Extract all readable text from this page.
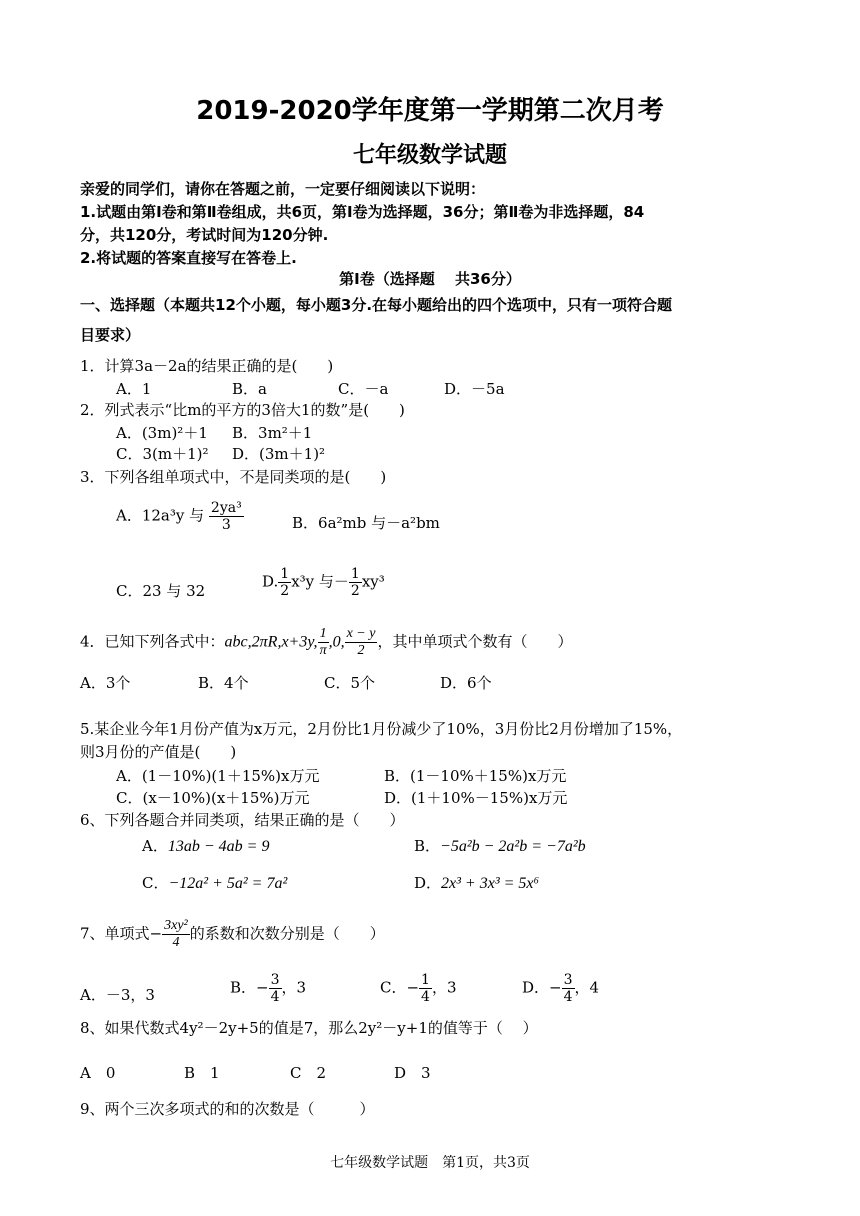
2019-2020学年度第一学期第二次月考
七年级数学试题
亲爱的同学们，请你在答题之前，一定要仔细阅读以下说明：
1.试题由第Ⅰ卷和第Ⅱ卷组成，共6页，第Ⅰ卷为选择题，36分；第Ⅱ卷为非选择题，84
分，共120分，考试时间为120分钟.
2.将试题的答案直接写在答卷上.
第Ⅰ卷（选择题　 共36分）
一、选择题（本题共12个小题，每小题3分.在每小题给出的四个选项中，只有一项符合题
目要求）
1．计算3a－2a的结果正确的是(　　)
A．1	B．a	C．－a	D．－5a
2．列式表示“比m的平方的3倍大1的数”是(　　)
A．(3m)²＋1 B．3m²＋1
C．3(m＋1)² D．(3m＋1)²
3．下列各组单项式中，不是同类项的是(　　)
A．12a³y 与 $\frac{\text{2ya³}}{3}$	B．6a²mb 与－a²bm
C．23 与 32
D. $\frac{1}{2} x^3y$ 与－ $\frac{1}{2} xy^3$
4．已知下列各式中：abc,2πR,x+3y, $\frac{1}{\pi} ,0$, $\frac{x - y}{2}$ ，其中单项式个数有（　　）
A．3个	B．4个	C．5个	D．6个
5.某企业今年1月份产值为x万元，2月份比1月份减少了10%，3月份比2月份增加了15%，
则3月份的产值是(　　)
A．(1－10%)(1＋15%)x万元	B．(1－10%＋15%)x万元
C．(x－10%)(x＋15%)万元	D．(1＋10%－15%)x万元
6、下列各题合并同类项，结果正确的是（　　）
A．13ab − 4ab = 9	B．−5a²b − 2a²b = −7a²b
C．−12a² + 5a² = 7a²	D．2x³ + 3x³ = 5x⁶
7、单项式− $\frac{\text{3xy²}}{4}$ 的系数和次数分别是（　　）
A．－3，3	B．− $\frac{3}{4}$ ，3	C．− $\frac{1}{4}$ ，3	D．− $\frac{3}{4}$ ，4
8、如果代数式4y²－2y+5的值是7，那么2y²－y+1的值等于（　 ）
A　0	B　1	C　2	D　3
9、两个三次多项式的和的次数是（　　　）
七年级数学试题　第1页，共3页
